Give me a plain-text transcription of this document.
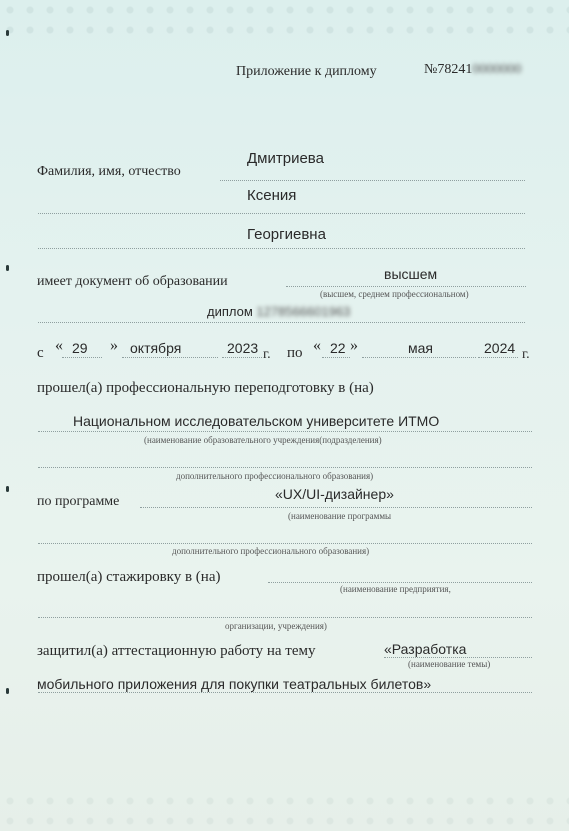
Приложение к диплому	№782410000000
Фамилия, имя, отчество
Дмитриева
Ксения
Георгиевна
имеет документ об образовании	высшем
(высшем, среднем профессиональном)
диплом 1278566601963
с « 29 » октября	2023 г. по « 22 »	мая	2024 г.
прошел(а) профессиональную переподготовку в (на)
Национальном исследовательском университете ИТМО
(наименование образовательного учреждения(подразделения)
дополнительного профессионального образования)
по программе	«UX/UI-дизайнер»
(наименование программы
дополнительного профессионального образования)
прошел(а) стажировку в (на)
(наименование предприятия,
организации, учреждения)
защитил(а) аттестационную работу на тему	«Разработка
(наименование темы)
мобильного приложения для покупки театральных билетов»
